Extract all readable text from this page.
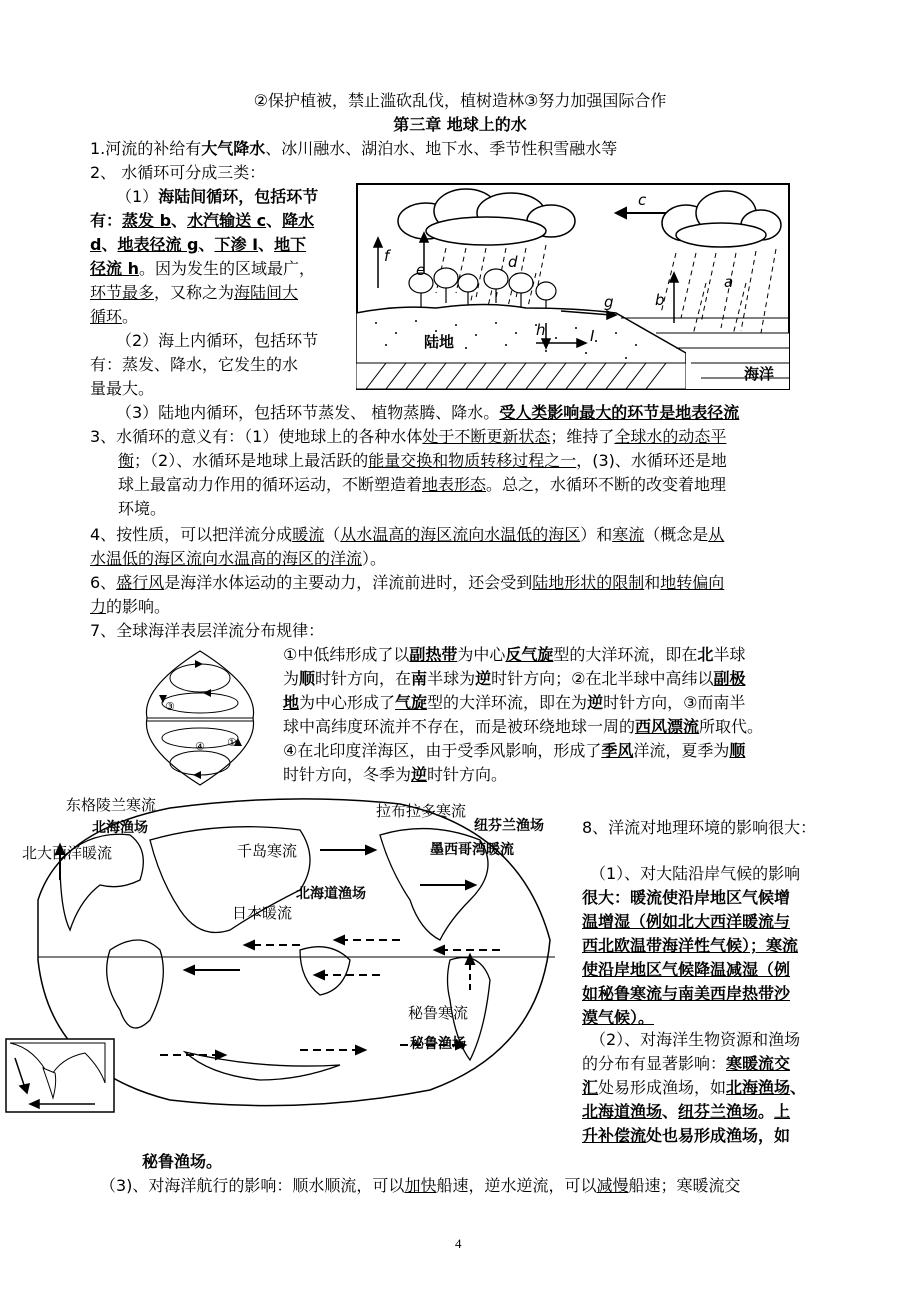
②保护植被，禁止滥砍乱伐，植树造林③努力加强国际合作
第三章 地球上的水
1.河流的补给有大气降水、冰川融水、湖泊水、地下水、季节性积雪融水等
2、 水循环可分成三类：
（1）海陆间循环，包括环节
有：蒸发 b、水汽输送 c、降水
d、地表径流 g、下渗 I、地下
径流 h。因为发生的区域最广，
环节最多，又称之为海陆间大
循环。
（2）海上内循环，包括环节
有：蒸发、降水，它发生的水
量最大。
c
f
e	d
a
b
g
h	I
陆地
海洋
（3）陆地内循环，包括环节蒸发、 植物蒸腾、降水。受人类影响最大的环节是地表径流
3、水循环的意义有：（1）使地球上的各种水体处于不断更新状态；维持了全球水的动态平
衡；（2）、水循环是地球上最活跃的能量交换和物质转移过程之一，(3)、水循环还是地
球上最富动力作用的循环运动，不断塑造着地表形态。总之，水循环不断的改变着地理
环境。
4、按性质，可以把洋流分成暖流（从水温高的海区流向水温低的海区）和寒流（概念是从
水温低的海区流向水温高的海区的洋流）。
6、盛行风是海洋水体运动的主要动力，洋流前进时，还会受到陆地形状的限制和地转偏向
力的影响。
7、全球海洋表层洋流分布规律：
③
④ ①
①中低纬形成了以副热带为中心反气旋型的大洋环流，即在北半球
为顺时针方向，在南半球为逆时针方向；②在北半球中高纬以副极
地为中心形成了气旋型的大洋环流，即在为逆时针方向，③而南半
球中高纬度环流并不存在，而是被环绕地球一周的西风漂流所取代。
④在北印度洋海区，由于受季风影响，形成了季风洋流，夏季为顺
时针方向，冬季为逆时针方向。
东格陵兰寒流	拉布拉多寒流
北大西洋暖流	千岛寒流
日本暖流
秘鲁寒流
北海渔场	纽芬兰渔场
墨西哥湾暖流
北海道渔场
秘鲁渔场
8、洋流对地理环境的影响很大：
（1）、对大陆沿岸气候的影响
很大：暖流使沿岸地区气候增
温增湿（例如北大西洋暖流与
西北欧温带海洋性气候）；寒流
使沿岸地区气候降温减湿（例
如秘鲁寒流与南美西岸热带沙
漠气候）。
（2）、对海洋生物资源和渔场
的分布有显著影响：寒暖流交
汇处易形成渔场，如北海渔场、
北海道渔场、纽芬兰渔场。上
升补偿流处也易形成渔场，如
秘鲁渔场。
（3)、对海洋航行的影响：顺水顺流，可以加快船速，逆水逆流，可以减慢船速；寒暖流交
4
